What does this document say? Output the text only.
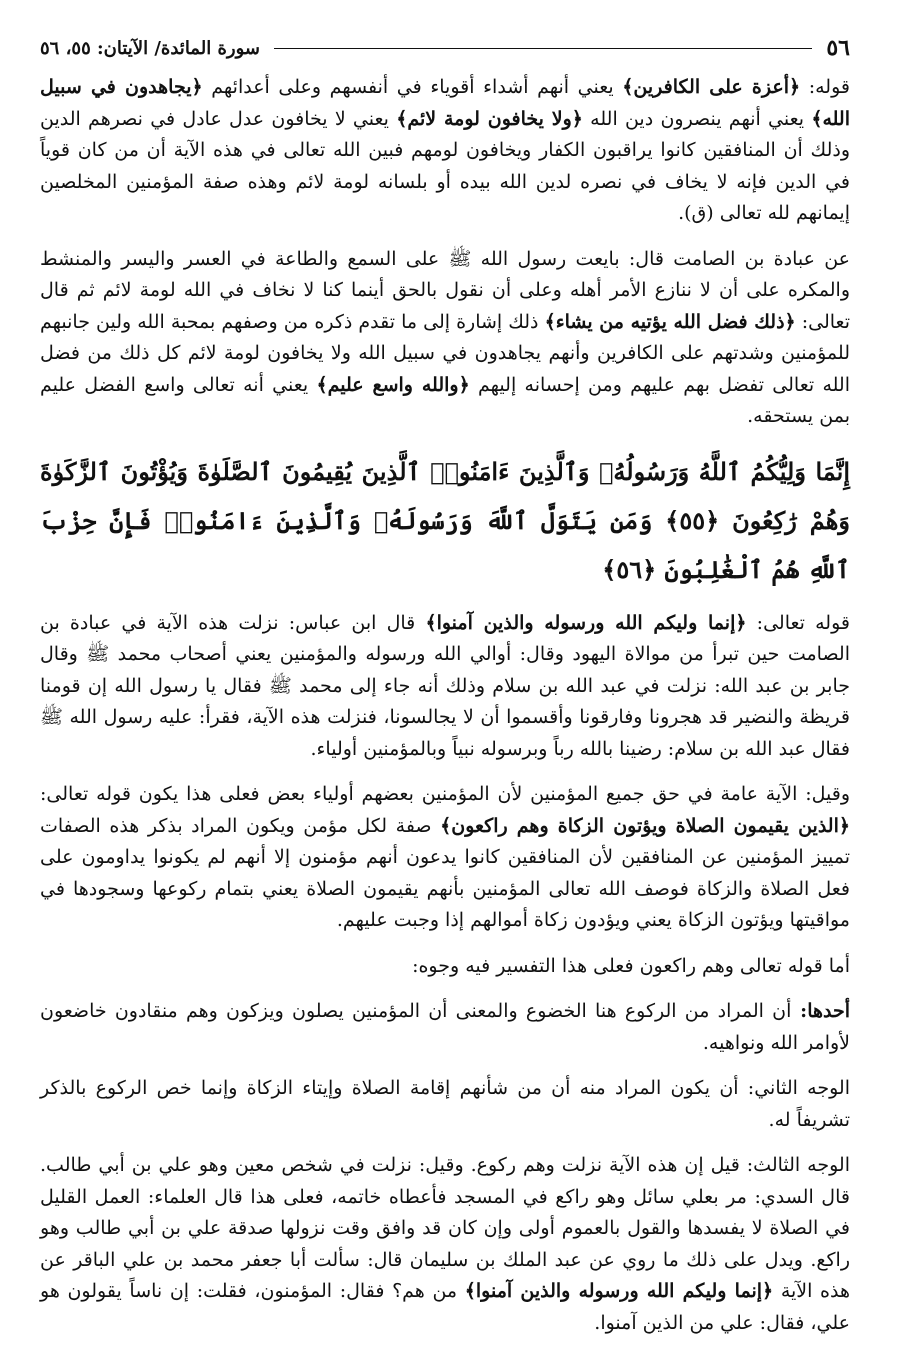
٥٦
سورة المائدة/ الآيتان: ٥٥، ٥٦

قوله: ﴿أعزة على الكافرين﴾ يعني أنهم أشداء أقوياء في أنفسهم وعلى أعدائهم ﴿يجاهدون في سبيل الله﴾ يعني أنهم ينصرون دين الله ﴿ولا يخافون لومة لائم﴾ يعني لا يخافون عدل عادل في نصرهم الدين وذلك أن المنافقين كانوا يراقبون الكفار ويخافون لومهم فبين الله تعالى في هذه الآية أن من كان قوياً في الدين فإنه لا يخاف في نصره لدين الله بيده أو بلسانه لومة لائم وهذه صفة المؤمنين المخلصين إيمانهم لله تعالى (ق).

عن عبادة بن الصامت قال: بايعت رسول الله ﷺ على السمع والطاعة في العسر واليسر والمنشط والمكره على أن لا ننازع الأمر أهله وعلى أن نقول بالحق أينما كنا لا نخاف في الله لومة لائم ثم قال تعالى: ﴿ذلك فضل الله يؤتيه من يشاء﴾ ذلك إشارة إلى ما تقدم ذكره من وصفهم بمحبة الله ولين جانبهم للمؤمنين وشدتهم على الكافرين وأنهم يجاهدون في سبيل الله ولا يخافون لومة لائم كل ذلك من فضل الله تعالى تفضل بهم عليهم ومن إحسانه إليهم ﴿والله واسع عليم﴾ يعني أنه تعالى واسع الفضل عليم بمن يستحقه.

إِنَّمَا وَلِيُّكُمُ ٱللَّهُ وَرَسُولُهُۥ وَٱلَّذِينَ ءَامَنُوا۟ ٱلَّذِينَ يُقِيمُونَ ٱلصَّلَوٰةَ وَيُؤْتُونَ ٱلزَّكَوٰةَ وَهُمْ رَٰكِعُونَ ﴿٥٥﴾ وَمَن يَتَوَلَّ ٱللَّهَ وَرَسُولَهُۥ وَٱلَّذِينَ ءَامَنُوا۟ فَإِنَّ حِزْبَ ٱللَّهِ هُمُ ٱلْغَٰلِبُونَ ﴿٥٦﴾

قوله تعالى: ﴿إنما وليكم الله ورسوله والذين آمنوا﴾ قال ابن عباس: نزلت هذه الآية في عبادة بن الصامت حين تبرأ من موالاة اليهود وقال: أوالي الله ورسوله والمؤمنين يعني أصحاب محمد ﷺ وقال جابر بن عبد الله: نزلت في عبد الله بن سلام وذلك أنه جاء إلى محمد ﷺ فقال يا رسول الله إن قومنا قريظة والنضير قد هجرونا وفارقونا وأقسموا أن لا يجالسونا، فنزلت هذه الآية، فقرأ: عليه رسول الله ﷺ فقال عبد الله بن سلام: رضينا بالله رباً وبرسوله نبياً وبالمؤمنين أولياء.

وقيل: الآية عامة في حق جميع المؤمنين لأن المؤمنين بعضهم أولياء بعض فعلى هذا يكون قوله تعالى: ﴿الذين يقيمون الصلاة ويؤتون الزكاة وهم راكعون﴾ صفة لكل مؤمن ويكون المراد بذكر هذه الصفات تمييز المؤمنين عن المنافقين لأن المنافقين كانوا يدعون أنهم مؤمنون إلا أنهم لم يكونوا يداومون على فعل الصلاة والزكاة فوصف الله تعالى المؤمنين بأنهم يقيمون الصلاة يعني بتمام ركوعها وسجودها في مواقيتها ويؤتون الزكاة يعني ويؤدون زكاة أموالهم إذا وجبت عليهم.

أما قوله تعالى وهم راكعون فعلى هذا التفسير فيه وجوه:

أحدها: أن المراد من الركوع هنا الخضوع والمعنى أن المؤمنين يصلون ويزكون وهم منقادون خاضعون لأوامر الله ونواهيه.

الوجه الثاني: أن يكون المراد منه أن من شأنهم إقامة الصلاة وإيتاء الزكاة وإنما خص الركوع بالذكر تشريفاً له.

الوجه الثالث: قيل إن هذه الآية نزلت وهم ركوع. وقيل: نزلت في شخص معين وهو علي بن أبي طالب. قال السدي: مر بعلي سائل وهو راكع في المسجد فأعطاه خاتمه، فعلى هذا قال العلماء: العمل القليل في الصلاة لا يفسدها والقول بالعموم أولى وإن كان قد وافق وقت نزولها صدقة علي بن أبي طالب وهو راكع. ويدل على ذلك ما روي عن عبد الملك بن سليمان قال: سألت أبا جعفر محمد بن علي الباقر عن هذه الآية ﴿إنما وليكم الله ورسوله والذين آمنوا﴾ من هم؟ فقال: المؤمنون، فقلت: إن ناساً يقولون هو علي، فقال: علي من الذين آمنوا.
